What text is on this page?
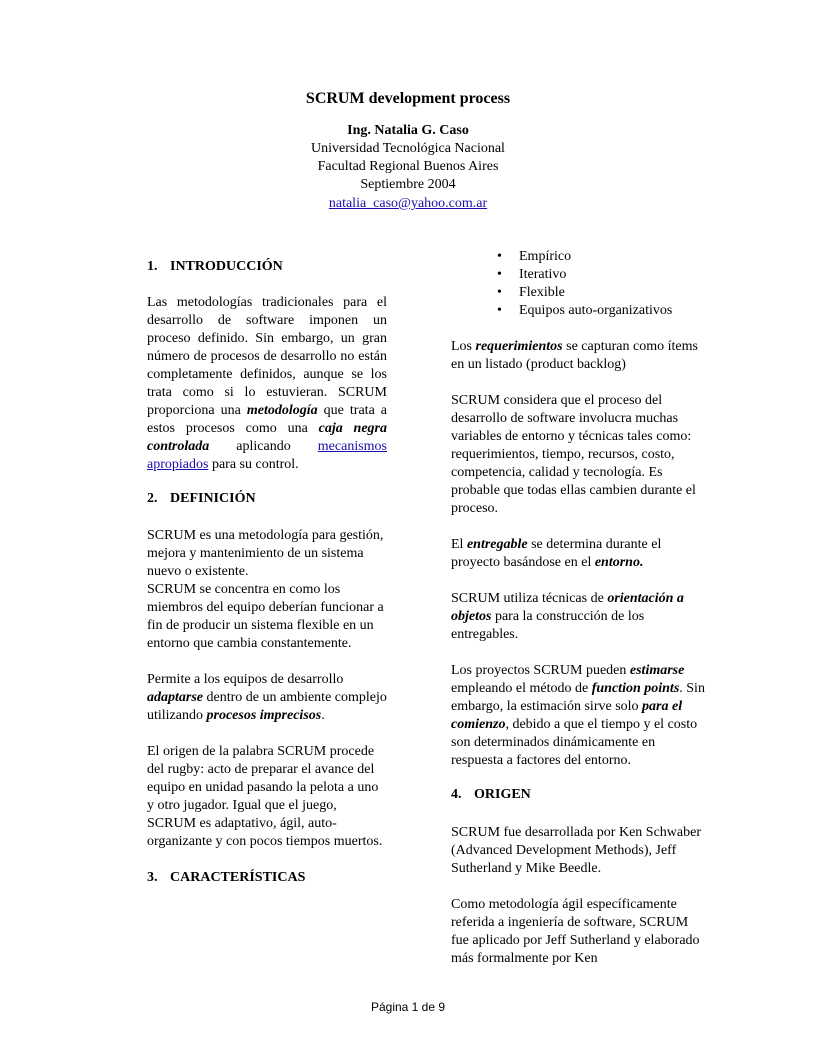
SCRUM development process
Ing. Natalia G. Caso
Universidad Tecnológica Nacional
Facultad Regional Buenos Aires
Septiembre 2004
natalia_caso@yahoo.com.ar
1. INTRODUCCIÓN

Las metodologías tradicionales para el desarrollo de software imponen un proceso definido. Sin embargo, un gran número de procesos de desarrollo no están completamente definidos, aunque se los trata como si lo estuvieran. SCRUM proporciona una metodología que trata a estos procesos como una caja negra controlada aplicando mecanismos apropiados para su control.

2. DEFINICIÓN

SCRUM es una metodología para gestión, mejora y mantenimiento de un sistema nuevo o existente.

SCRUM se concentra en como los miembros del equipo deberían funcionar a fin de producir un sistema flexible en un entorno que cambia constantemente.

Permite a los equipos de desarrollo adaptarse dentro de un ambiente complejo utilizando procesos imprecisos.

El origen de la palabra SCRUM procede del rugby: acto de preparar el avance del equipo en unidad pasando la pelota a uno y otro jugador. Igual que el juego, SCRUM es adaptativo, ágil, auto-organizante y con pocos tiempos muertos.

3. CARACTERÍSTICAS
• Empírico
• Iterativo
• Flexible
• Equipos auto-organizativos

Los requerimientos se capturan como ítems en un listado (product backlog)

SCRUM considera que el proceso del desarrollo de software involucra muchas variables de entorno y técnicas tales como: requerimientos, tiempo, recursos, costo, competencia, calidad y tecnología. Es probable que todas ellas cambien durante el proceso.

El entregable se determina durante el proyecto basándose en el entorno.

SCRUM utiliza técnicas de orientación a objetos para la construcción de los entregables.

Los proyectos SCRUM pueden estimarse empleando el método de function points. Sin embargo, la estimación sirve solo para el comienzo, debido a que el tiempo y el costo son determinados dinámicamente en respuesta a factores del entorno.

4. ORIGEN

SCRUM fue desarrollada por Ken Schwaber (Advanced Development Methods), Jeff Sutherland y Mike Beedle.

Como metodología ágil específicamente referida a ingeniería de software, SCRUM fue aplicado por Jeff Sutherland y elaborado más formalmente por Ken

Página 1 de 9
